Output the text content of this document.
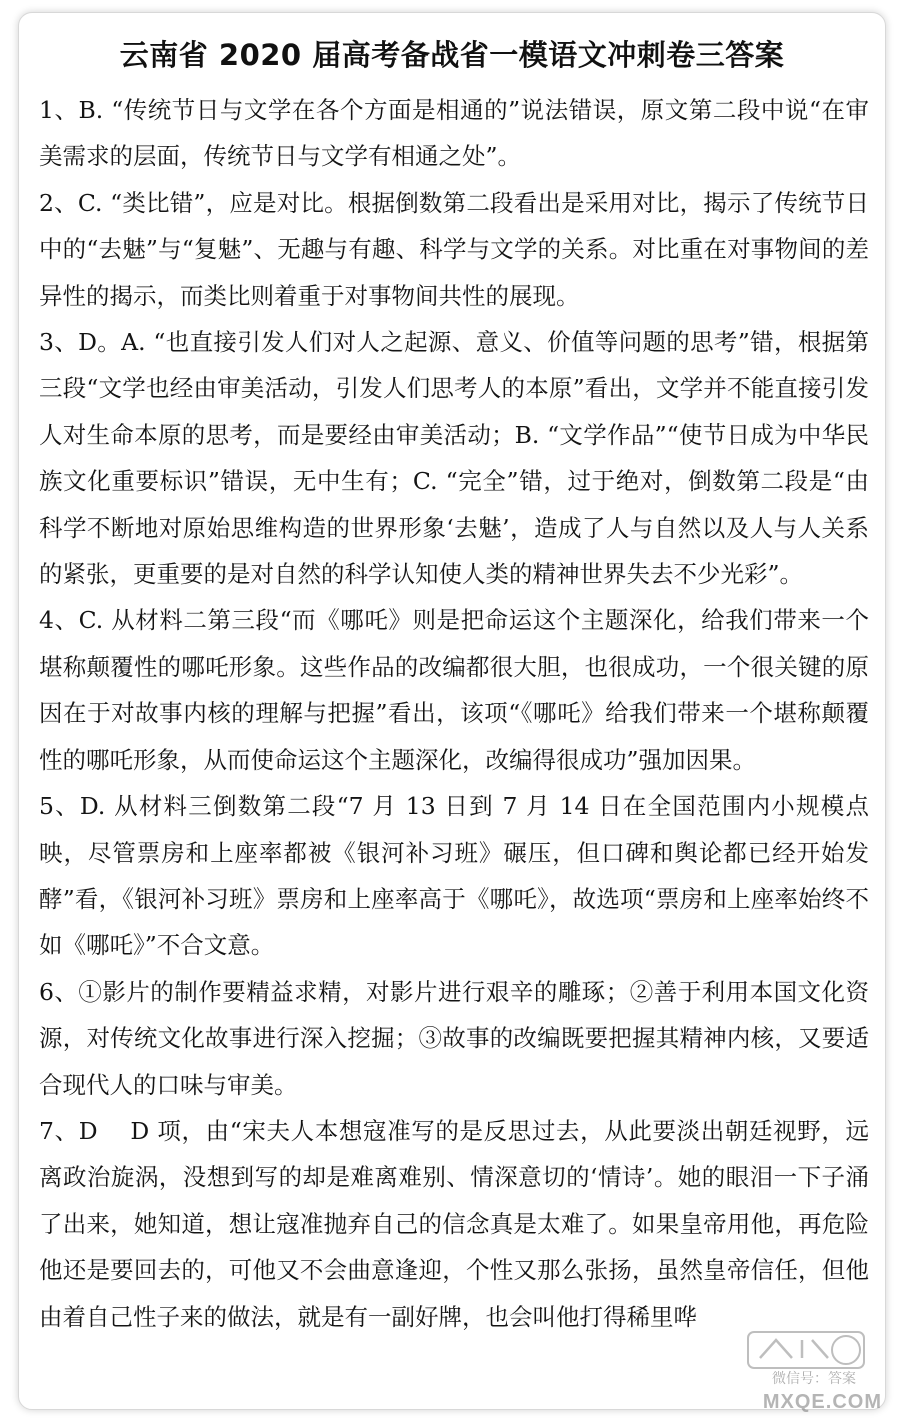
云南省 2020 届高考备战省一模语文冲刺卷三答案

1、B. “传统节日与文学在各个方面是相通的”说法错误，原文第二段中说“在审美需求的层面，传统节日与文学有相通之处”。

2、C. “类比错”，应是对比。根据倒数第二段看出是采用对比，揭示了传统节日中的“去魅”与“复魅”、无趣与有趣、科学与文学的关系。对比重在对事物间的差异性的揭示，而类比则着重于对事物间共性的展现。

3、D。A. “也直接引发人们对人之起源、意义、价值等问题的思考”错，根据第三段“文学也经由审美活动，引发人们思考人的本原”看出，文学并不能直接引发人对生命本原的思考，而是要经由审美活动；B. “文学作品”“使节日成为中华民族文化重要标识”错误，无中生有；C. “完全”错，过于绝对，倒数第二段是“由科学不断地对原始思维构造的世界形象‘去魅’，造成了人与自然以及人与人关系的紧张，更重要的是对自然的科学认知使人类的精神世界失去不少光彩”。

4、C. 从材料二第三段“而《哪吒》则是把命运这个主题深化，给我们带来一个堪称颠覆性的哪吒形象。这些作品的改编都很大胆，也很成功，一个很关键的原因在于对故事内核的理解与把握”看出，该项“《哪吒》给我们带来一个堪称颠覆性的哪吒形象，从而使命运这个主题深化，改编得很成功”强加因果。

5、D. 从材料三倒数第二段“7 月 13 日到 7 月 14 日在全国范围内小规模点映，尽管票房和上座率都被《银河补习班》碾压，但口碑和舆论都已经开始发酵”看，《银河补习班》票房和上座率高于《哪吒》，故选项“票房和上座率始终不如《哪吒》”不合文意。

6、①影片的制作要精益求精，对影片进行艰辛的雕琢；②善于利用本国文化资源，对传统文化故事进行深入挖掘；③故事的改编既要把握其精神内核，又要适合现代人的口味与审美。

7、D　 D 项，由“宋夫人本想寇准写的是反思过去，从此要淡出朝廷视野，远离政治旋涡，没想到写的却是难离难别、情深意切的‘情诗’。她的眼泪一下子涌了出来，她知道，想让寇准抛弃自己的信念真是太难了。如果皇帝用他，再危险他还是要回去的，可他又不会曲意逢迎，个性又那么张扬，虽然皇帝信任，但他由着自己性子来的做法，就是有一副好牌，也会叫他打得稀里哗

微信号：答案
MXQE.COM
